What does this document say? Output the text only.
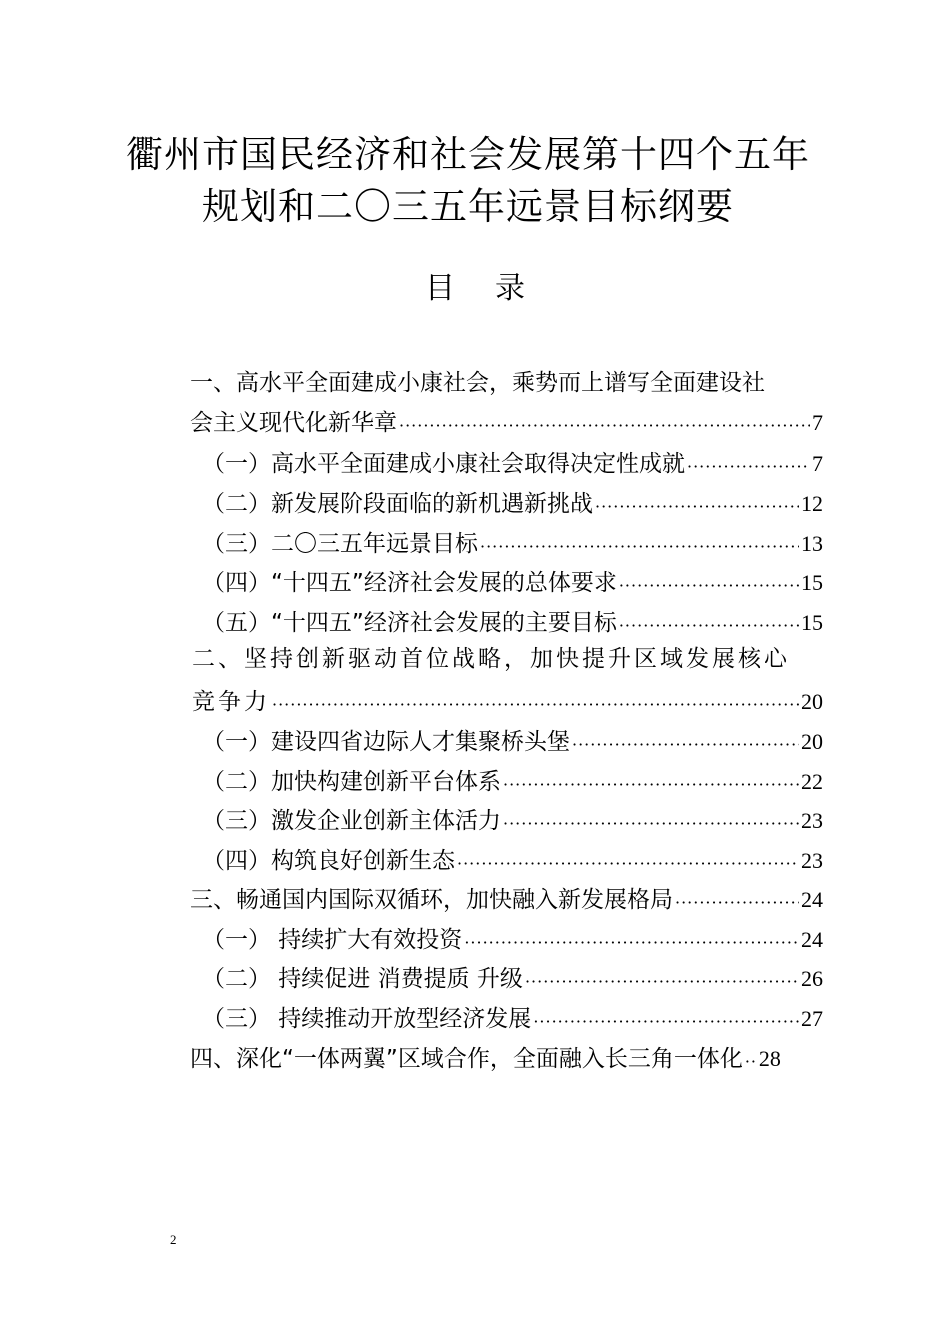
衢州市国民经济和社会发展第十四个五年
规划和二〇三五年远景目标纲要
目 录
一、高水平全面建成小康社会，乘势而上谱写全面建设社
会主义现代化新华章 ·····	7
（一）高水平全面建成小康社会取得决定性成就 ·····	7
（二）新发展阶段面临的新机遇新挑战 ·····	12
（三）二〇三五年远景目标 ·····	13
（四）“十四五”经济社会发展的总体要求 ·····	15
（五）“十四五”经济社会发展的主要目标 ·····	15
二、坚持创新驱动首位战略，加快提升区域发展核心
竞争力 ·····	20
（一）建设四省边际人才集聚桥头堡 ·····	20
（二）加快构建创新平台体系 ·····	22
（三）激发企业创新主体活力 ·····	23
（四）构筑良好创新生态 ·····	23
三、畅通国内国际双循环，加快融入新发展格局 ·····	24
（一） 持续扩大有效投资 ·····	24
（二） 持续促进 消费提质 升级 ·····	26
（三） 持续推动开放型经济发展 ·····	27
四、深化“一体两翼”区域合作，全面融入长三角一体化 ····· 28
2
